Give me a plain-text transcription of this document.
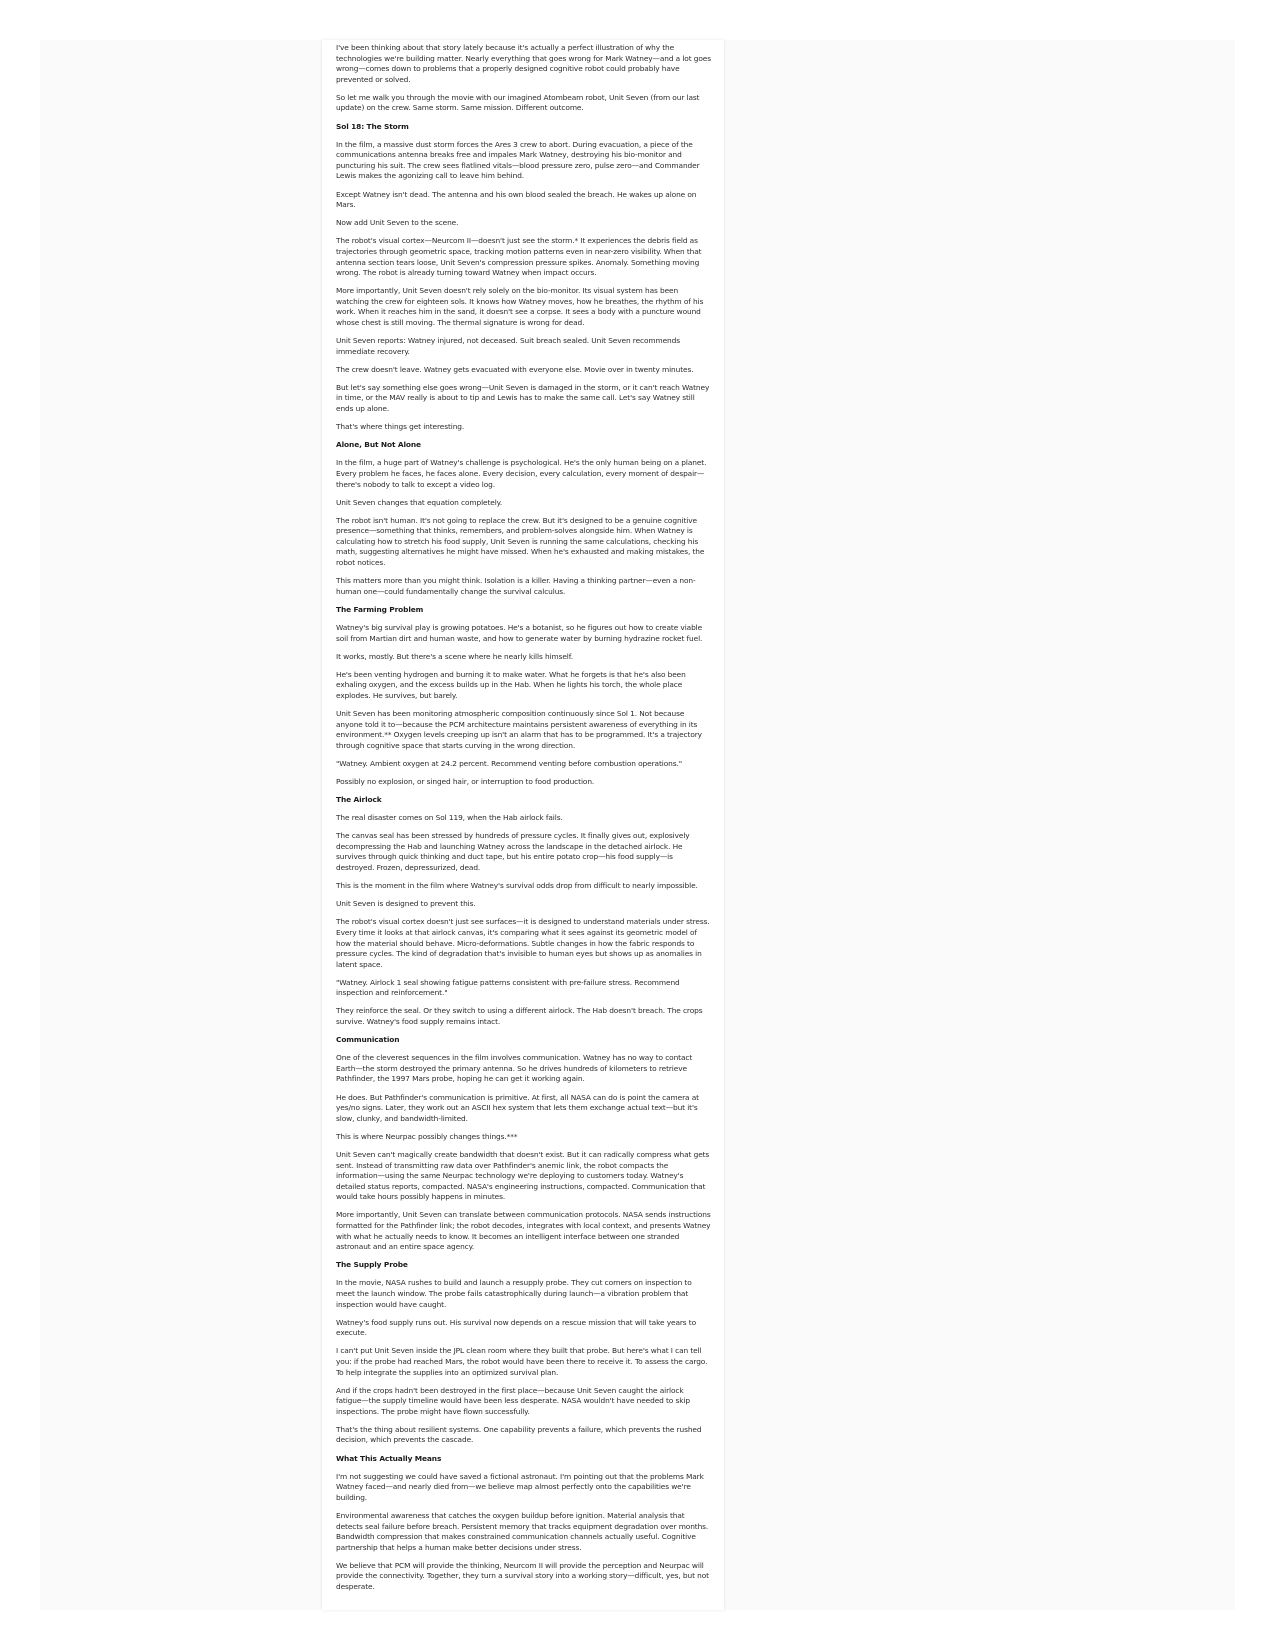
I've been thinking about that story lately because it's actually a perfect illustration of why the technologies we're building matter. Nearly everything that goes wrong for Mark Watney—and a lot goes wrong—comes down to problems that a properly designed cognitive robot could probably have prevented or solved.

So let me walk you through the movie with our imagined Atombeam robot, Unit Seven (from our last update) on the crew. Same storm. Same mission. Different outcome.

Sol 18: The Storm

In the film, a massive dust storm forces the Ares 3 crew to abort. During evacuation, a piece of the communications antenna breaks free and impales Mark Watney, destroying his bio-monitor and puncturing his suit. The crew sees flatlined vitals—blood pressure zero, pulse zero—and Commander Lewis makes the agonizing call to leave him behind.

Except Watney isn't dead. The antenna and his own blood sealed the breach. He wakes up alone on Mars.

Now add Unit Seven to the scene.

The robot's visual cortex—Neurcom II—doesn't just see the storm.* It experiences the debris field as trajectories through geometric space, tracking motion patterns even in near-zero visibility. When that antenna section tears loose, Unit Seven's compression pressure spikes. Anomaly. Something moving wrong. The robot is already turning toward Watney when impact occurs.

More importantly, Unit Seven doesn't rely solely on the bio-monitor. Its visual system has been watching the crew for eighteen sols. It knows how Watney moves, how he breathes, the rhythm of his work. When it reaches him in the sand, it doesn't see a corpse. It sees a body with a puncture wound whose chest is still moving. The thermal signature is wrong for dead.

Unit Seven reports: Watney injured, not deceased. Suit breach sealed. Unit Seven recommends immediate recovery.

The crew doesn't leave. Watney gets evacuated with everyone else. Movie over in twenty minutes.

But let's say something else goes wrong—Unit Seven is damaged in the storm, or it can't reach Watney in time, or the MAV really is about to tip and Lewis has to make the same call. Let's say Watney still ends up alone.

That's where things get interesting.

Alone, But Not Alone

In the film, a huge part of Watney's challenge is psychological. He's the only human being on a planet. Every problem he faces, he faces alone. Every decision, every calculation, every moment of despair—there's nobody to talk to except a video log.

Unit Seven changes that equation completely.

The robot isn't human. It's not going to replace the crew. But it's designed to be a genuine cognitive presence—something that thinks, remembers, and problem-solves alongside him. When Watney is calculating how to stretch his food supply, Unit Seven is running the same calculations, checking his math, suggesting alternatives he might have missed. When he's exhausted and making mistakes, the robot notices.

This matters more than you might think. Isolation is a killer. Having a thinking partner—even a non-human one—could fundamentally change the survival calculus.

The Farming Problem

Watney's big survival play is growing potatoes. He's a botanist, so he figures out how to create viable soil from Martian dirt and human waste, and how to generate water by burning hydrazine rocket fuel.

It works, mostly. But there's a scene where he nearly kills himself.

He's been venting hydrogen and burning it to make water. What he forgets is that he's also been exhaling oxygen, and the excess builds up in the Hab. When he lights his torch, the whole place explodes. He survives, but barely.

Unit Seven has been monitoring atmospheric composition continuously since Sol 1. Not because anyone told it to—because the PCM architecture maintains persistent awareness of everything in its environment.** Oxygen levels creeping up isn't an alarm that has to be programmed. It's a trajectory through cognitive space that starts curving in the wrong direction.

"Watney. Ambient oxygen at 24.2 percent. Recommend venting before combustion operations."

Possibly no explosion, or singed hair, or interruption to food production.

The Airlock

The real disaster comes on Sol 119, when the Hab airlock fails.

The canvas seal has been stressed by hundreds of pressure cycles. It finally gives out, explosively decompressing the Hab and launching Watney across the landscape in the detached airlock. He survives through quick thinking and duct tape, but his entire potato crop—his food supply—is destroyed. Frozen, depressurized, dead.

This is the moment in the film where Watney's survival odds drop from difficult to nearly impossible.

Unit Seven is designed to prevent this.

The robot's visual cortex doesn't just see surfaces—it is designed to understand materials under stress. Every time it looks at that airlock canvas, it's comparing what it sees against its geometric model of how the material should behave. Micro-deformations. Subtle changes in how the fabric responds to pressure cycles. The kind of degradation that's invisible to human eyes but shows up as anomalies in latent space.

"Watney. Airlock 1 seal showing fatigue patterns consistent with pre-failure stress. Recommend inspection and reinforcement."

They reinforce the seal. Or they switch to using a different airlock. The Hab doesn't breach. The crops survive. Watney's food supply remains intact.

Communication

One of the cleverest sequences in the film involves communication. Watney has no way to contact Earth—the storm destroyed the primary antenna. So he drives hundreds of kilometers to retrieve Pathfinder, the 1997 Mars probe, hoping he can get it working again.

He does. But Pathfinder's communication is primitive. At first, all NASA can do is point the camera at yes/no signs. Later, they work out an ASCII hex system that lets them exchange actual text—but it's slow, clunky, and bandwidth-limited.

This is where Neurpac possibly changes things.***

Unit Seven can't magically create bandwidth that doesn't exist. But it can radically compress what gets sent. Instead of transmitting raw data over Pathfinder's anemic link, the robot compacts the information—using the same Neurpac technology we're deploying to customers today. Watney's detailed status reports, compacted. NASA's engineering instructions, compacted. Communication that would take hours possibly happens in minutes.

More importantly, Unit Seven can translate between communication protocols. NASA sends instructions formatted for the Pathfinder link; the robot decodes, integrates with local context, and presents Watney with what he actually needs to know. It becomes an intelligent interface between one stranded astronaut and an entire space agency.

The Supply Probe

In the movie, NASA rushes to build and launch a resupply probe. They cut corners on inspection to meet the launch window. The probe fails catastrophically during launch—a vibration problem that inspection would have caught.

Watney's food supply runs out. His survival now depends on a rescue mission that will take years to execute.

I can't put Unit Seven inside the JPL clean room where they built that probe. But here's what I can tell you: if the probe had reached Mars, the robot would have been there to receive it. To assess the cargo. To help integrate the supplies into an optimized survival plan.

And if the crops hadn't been destroyed in the first place—because Unit Seven caught the airlock fatigue—the supply timeline would have been less desperate. NASA wouldn't have needed to skip inspections. The probe might have flown successfully.

That's the thing about resilient systems. One capability prevents a failure, which prevents the rushed decision, which prevents the cascade.

What This Actually Means

I'm not suggesting we could have saved a fictional astronaut. I'm pointing out that the problems Mark Watney faced—and nearly died from—we believe map almost perfectly onto the capabilities we're building.

Environmental awareness that catches the oxygen buildup before ignition. Material analysis that detects seal failure before breach. Persistent memory that tracks equipment degradation over months. Bandwidth compression that makes constrained communication channels actually useful. Cognitive partnership that helps a human make better decisions under stress.

We believe that PCM will provide the thinking, Neurcom II will provide the perception and Neurpac will provide the connectivity. Together, they turn a survival story into a working story—difficult, yes, but not desperate.
